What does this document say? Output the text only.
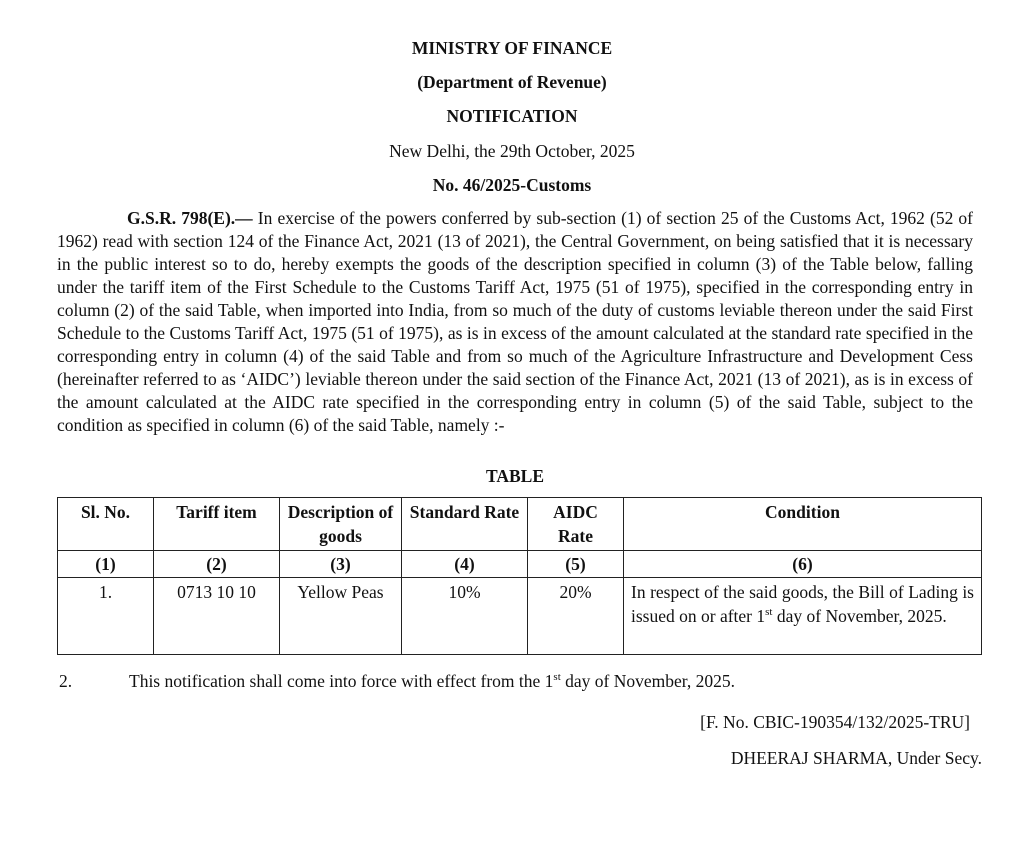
MINISTRY OF FINANCE

(Department of Revenue)

NOTIFICATION

New Delhi, the 29th October, 2025

No. 46/2025-Customs

G.S.R. 798(E).— In exercise of the powers conferred by sub-section (1) of section 25 of the Customs Act, 1962 (52 of 1962) read with section 124 of the Finance Act, 2021 (13 of 2021), the Central Government, on being satisfied that it is necessary in the public interest so to do, hereby exempts the goods of the description specified in column (3) of the Table below, falling under the tariff item of the First Schedule to the Customs Tariff Act, 1975 (51 of 1975), specified in the corresponding entry in column (2) of the said Table, when imported into India, from so much of the duty of customs leviable thereon under the said First Schedule to the Customs Tariff Act, 1975 (51 of 1975), as is in excess of the amount calculated at the standard rate specified in the corresponding entry in column (4) of the said Table and from so much of the Agriculture Infrastructure and Development Cess (hereinafter referred to as ‘AIDC’) leviable thereon under the said section of the Finance Act, 2021 (13 of 2021), as is in excess of the amount calculated at the AIDC rate specified in the corresponding entry in column (5) of the said Table, subject to the condition as specified in column (6) of the said Table, namely :-

TABLE

Sl. No.	Tariff item	Description of goods	Standard Rate	AIDC Rate	Condition
(1)	(2)	(3)	(4)	(5)	(6)
1.	0713 10 10	Yellow Peas	10%	20%	In respect of the said goods, the Bill of Lading is issued on or after 1st day of November, 2025.

2.	This notification shall come into force with effect from the 1st day of November, 2025.

[F. No. CBIC-190354/132/2025-TRU]

DHEERAJ SHARMA, Under Secy.
